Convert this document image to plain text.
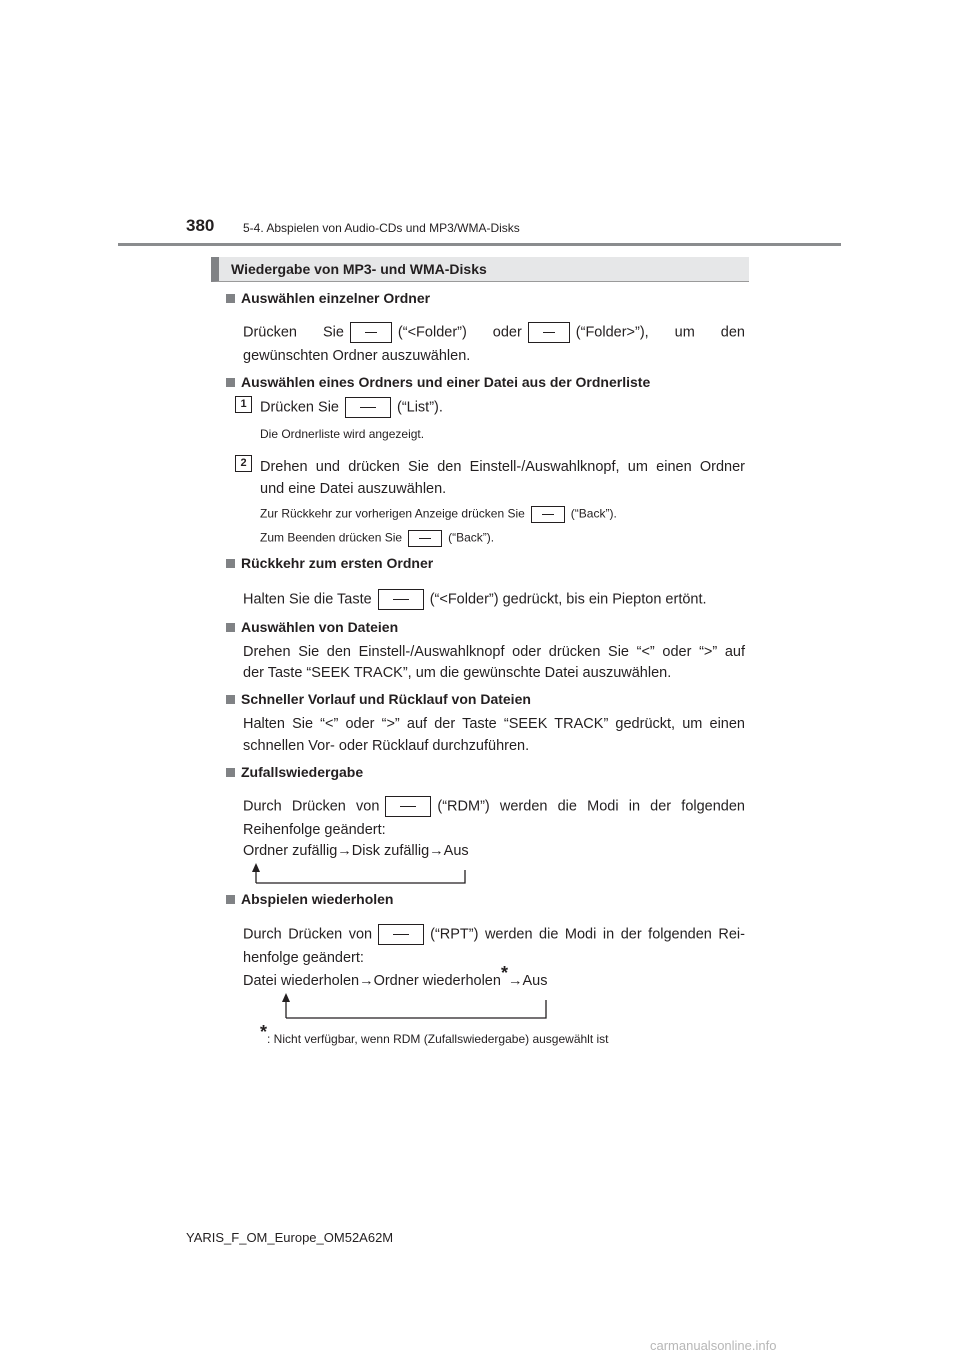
380 5-4. Abspielen von Audio-CDs und MP3/WMA-Disks
Wiedergabe von MP3- und WMA-Disks
Auswählen einzelner Ordner
Drücken Sie	(“<Folder”) oder	(“Folder>”), um den
gewünschten Ordner auszuwählen.
Auswählen eines Ordners und einer Datei aus der Ordnerliste
1 Drücken Sie	(“List”).
Die Ordnerliste wird angezeigt.
2 Drehen und drücken Sie den Einstell-/Auswahlknopf, um einen Ordner
und eine Datei auszuwählen.
Zur Rückkehr zur vorherigen Anzeige drücken Sie	(“Back”).
Zum Beenden drücken Sie	(“Back”).
Rückkehr zum ersten Ordner
Halten Sie die Taste	(“<Folder”) gedrückt, bis ein Piepton ertönt.
Auswählen von Dateien
Drehen Sie den Einstell-/Auswahlknopf oder drücken Sie “<” oder “>” auf
der Taste “SEEK TRACK”, um die gewünschte Datei auszuwählen.
Schneller Vorlauf und Rücklauf von Dateien
Halten Sie “<” oder “>” auf der Taste “SEEK TRACK” gedrückt, um einen
schnellen Vor- oder Rücklauf durchzuführen.
Zufallswiedergabe
Durch Drücken von	(“RDM”) werden die Modi in der folgenden
Reihenfolge geändert:
Ordner zufällig→Disk zufällig→Aus
Abspielen wiederholen
Durch Drücken von	(“RPT”) werden die Modi in der folgenden Rei-
henfolge geändert:
Datei wiederholen→Ordner wiederholen*→Aus
*: Nicht verfügbar, wenn RDM (Zufallswiedergabe) ausgewählt ist
YARIS_F_OM_Europe_OM52A62M
carmanualsonline.info
